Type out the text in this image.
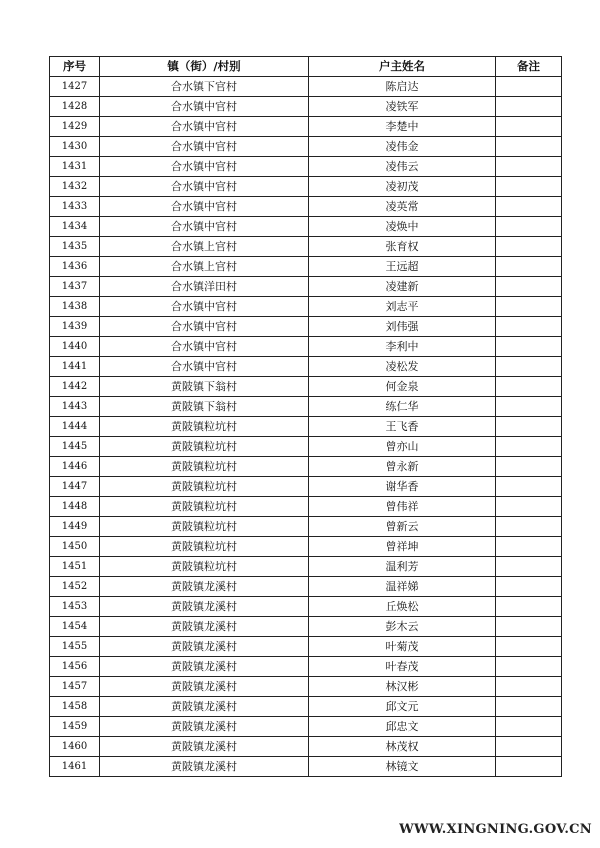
序号	镇（街）/村别	户主姓名	备注
1427	合水镇下官村	陈启达	
1428	合水镇中官村	凌铁军	
1429	合水镇中官村	李楚中	
1430	合水镇中官村	凌伟金	
1431	合水镇中官村	凌伟云	
1432	合水镇中官村	凌初茂	
1433	合水镇中官村	凌英常	
1434	合水镇中官村	凌焕中	
1435	合水镇上官村	张育权	
1436	合水镇上官村	王远超	
1437	合水镇洋田村	凌建新	
1438	合水镇中官村	刘志平	
1439	合水镇中官村	刘伟强	
1440	合水镇中官村	李利中	
1441	合水镇中官村	凌松发	
1442	黄陂镇下翁村	何金泉	
1443	黄陂镇下翁村	练仁华	
1444	黄陂镇粒坑村	王飞香	
1445	黄陂镇粒坑村	曾亦山	
1446	黄陂镇粒坑村	曾永新	
1447	黄陂镇粒坑村	谢华香	
1448	黄陂镇粒坑村	曾伟祥	
1449	黄陂镇粒坑村	曾新云	
1450	黄陂镇粒坑村	曾祥坤	
1451	黄陂镇粒坑村	温利芳	
1452	黄陂镇龙溪村	温祥娣	
1453	黄陂镇龙溪村	丘焕松	
1454	黄陂镇龙溪村	彭木云	
1455	黄陂镇龙溪村	叶菊茂	
1456	黄陂镇龙溪村	叶春茂	
1457	黄陂镇龙溪村	林汉彬	
1458	黄陂镇龙溪村	邱文元	
1459	黄陂镇龙溪村	邱忠文	
1460	黄陂镇龙溪村	林茂权	
1461	黄陂镇龙溪村	林镜文	
WWW.XINGNING.GOV.CN
